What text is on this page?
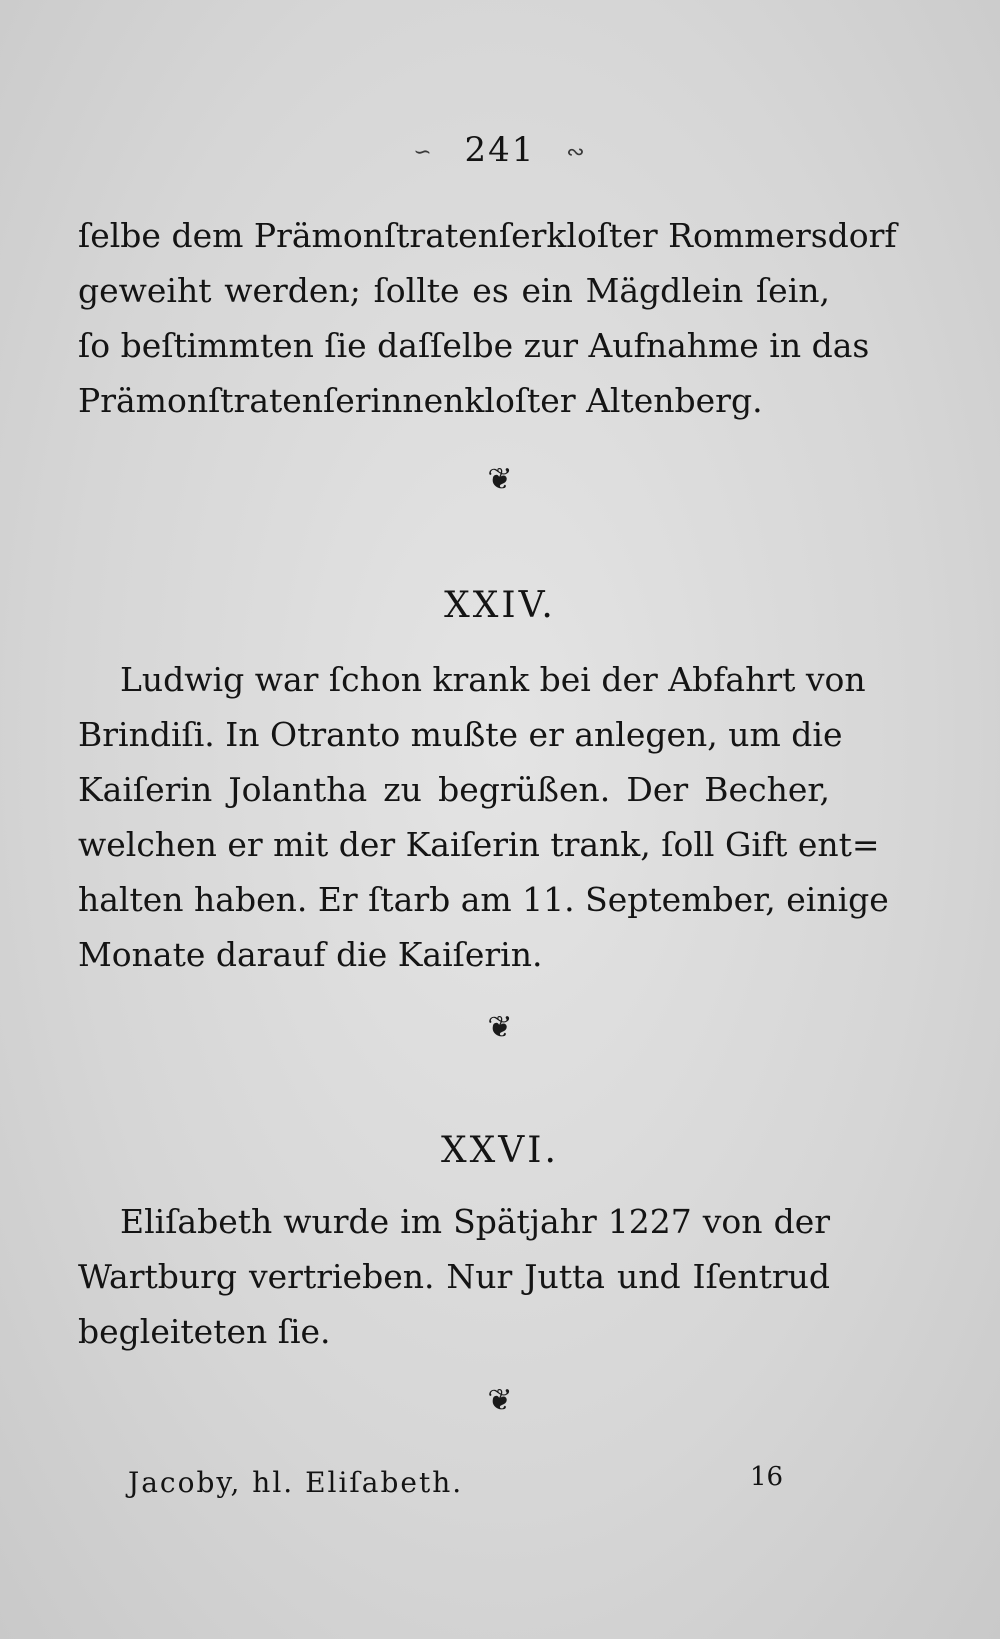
∽ 241 ∾
ſelbe dem Prämonſtratenſerkloſter Rommersdorf
geweiht werden; ſollte es ein Mägdlein ſein,
ſo beſtimmten ſie daſſelbe zur Aufnahme in das
Prämonſtratenſerinnenkloſter Altenberg.
❦
XXIV.
Ludwig war ſchon krank bei der Abfahrt von
Brindiſi. In Otranto mußte er anlegen, um die
Kaiſerin Jolantha zu begrüßen. Der Becher,
welchen er mit der Kaiſerin trank, ſoll Gift ent=
halten haben. Er ſtarb am 11. September, einige
Monate darauf die Kaiſerin.
❦
XXVI.
Eliſabeth wurde im Spätjahr 1227 von der
Wartburg vertrieben. Nur Jutta und Iſentrud
begleiteten ſie.
❦
Jacoby, hl. Eliſabeth.	16
